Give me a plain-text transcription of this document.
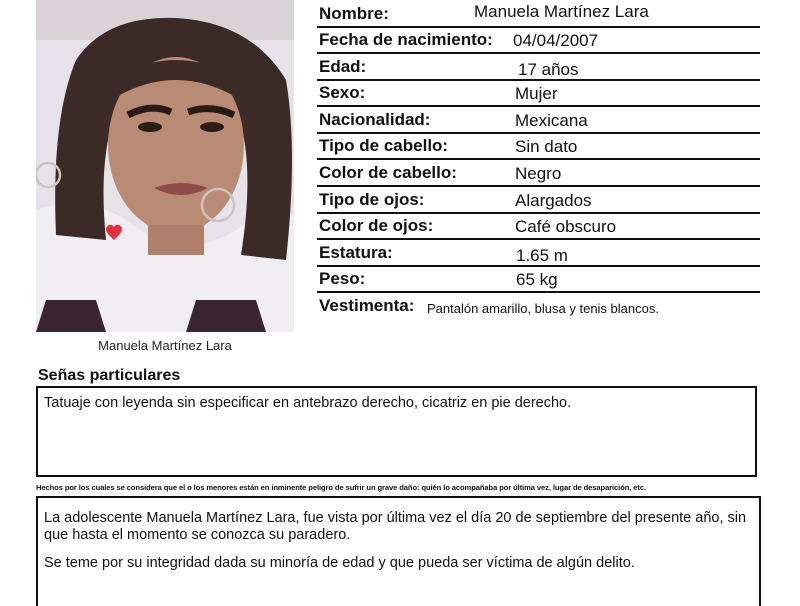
Manuela Martínez Lara
Nombre:	Manuela Martínez Lara
Fecha de nacimiento: 04/04/2007
Edad:	17 años
Sexo:	Mujer
Nacionalidad:	Mexicana
Tipo de cabello:	Sin dato
Color de cabello:	Negro
Tipo de ojos:	Alargados
Color de ojos:	Café obscuro
Estatura:	1.65 m
Peso:	65 kg
Vestimenta: Pantalón amarillo, blusa y tenis blancos.
Señas particulares
Tatuaje con leyenda sin especificar en antebrazo derecho, cicatriz en pie derecho.
Hechos por los cuales se considera que el o los menores están en inminente peligro de sufrir un grave daño: quién lo acompañaba por última vez, lugar de desaparición, etc.

La adolescente Manuela Martínez Lara, fue vista por última vez el día 20 de septiembre del presente año, sin que hasta el momento se conozca su paradero.

Se teme por su integridad dada su minoría de edad y que pueda ser víctima de algún delito.
